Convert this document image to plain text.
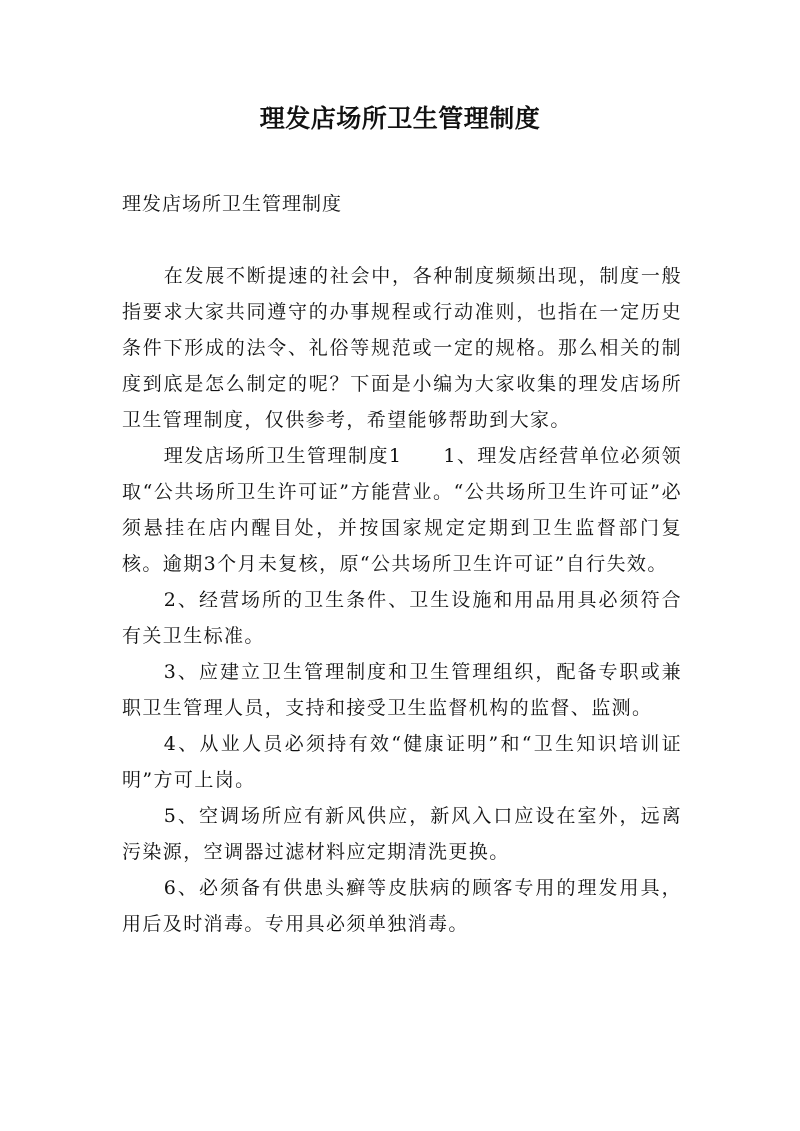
理发店场所卫生管理制度
理发店场所卫生管理制度

在发展不断提速的社会中，各种制度频频出现，制度一般指要求大家共同遵守的办事规程或行动准则，也指在一定历史条件下形成的法令、礼俗等规范或一定的规格。那么相关的制度到底是怎么制定的呢？下面是小编为大家收集的理发店场所卫生管理制度，仅供参考，希望能够帮助到大家。

理发店场所卫生管理制度1　　1、理发店经营单位必须领取“公共场所卫生许可证”方能营业。“公共场所卫生许可证”必须悬挂在店内醒目处，并按国家规定定期到卫生监督部门复核。逾期3个月未复核，原“公共场所卫生许可证”自行失效。

2、经营场所的卫生条件、卫生设施和用品用具必须符合有关卫生标准。

3、应建立卫生管理制度和卫生管理组织，配备专职或兼职卫生管理人员，支持和接受卫生监督机构的监督、监测。

4、从业人员必须持有效“健康证明”和“卫生知识培训证明”方可上岗。

5、空调场所应有新风供应，新风入口应设在室外，远离污染源，空调器过滤材料应定期清洗更换。

6、必须备有供患头癣等皮肤病的顾客专用的理发用具，用后及时消毒。专用具必须单独消毒。
